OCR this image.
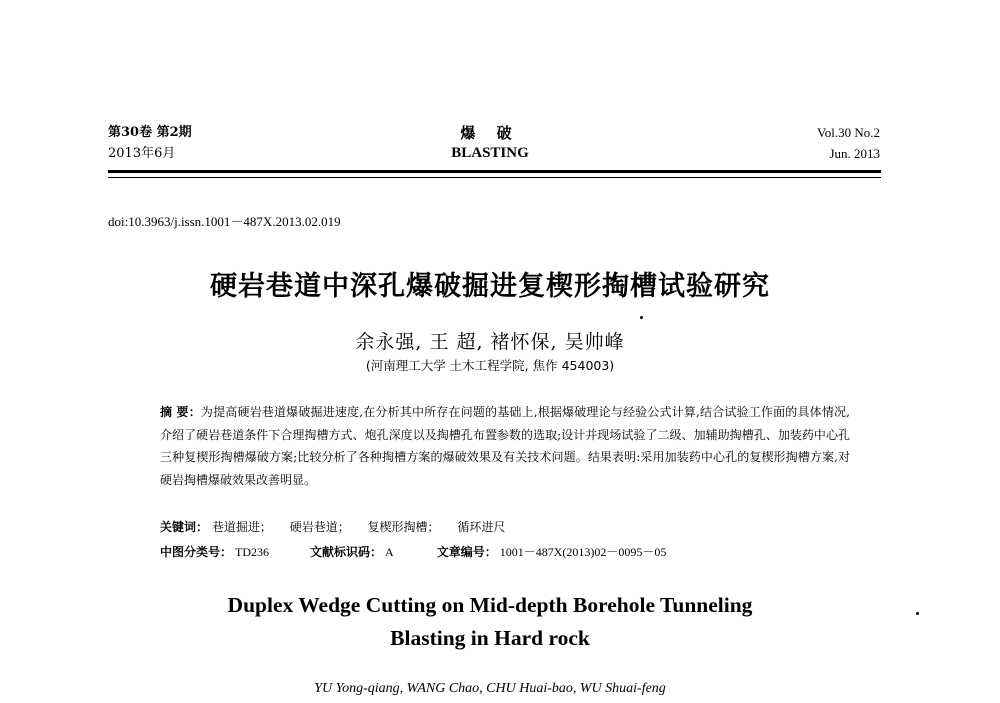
第30卷 第2期
2013年6月
爆 破
BLASTING
Vol.30 No.2
Jun. 2013
doi:10.3963/j.issn.1001－487X.2013.02.019
硬岩巷道中深孔爆破掘进复楔形掏槽试验研究
余永强, 王 超, 褚怀保, 吴帅峰
(河南理工大学 土木工程学院, 焦作 454003)
摘 要：为提高硬岩巷道爆破掘进速度,在分析其中所存在问题的基础上,根据爆破理论与经验公式计算,结合试验工作面的具体情况,介绍了硬岩巷道条件下合理掏槽方式、炮孔深度以及掏槽孔布置参数的选取;设计并现场试验了二级、加辅助掏槽孔、加装药中心孔三种复楔形掏槽爆破方案;比较分析了各种掏槽方案的爆破效果及有关技术问题。结果表明:采用加装药中心孔的复楔形掏槽方案,对硬岩掏槽爆破效果改善明显。
关键词： 巷道掘进； 硬岩巷道； 复楔形掏槽； 循环进尺
中图分类号： TD236	文献标识码： A	文章编号： 1001－487X(2013)02－0095－05
Duplex Wedge Cutting on Mid-depth Borehole Tunneling
Blasting in Hard rock
YU Yong-qiang, WANG Chao, CHU Huai-bao, WU Shuai-feng
